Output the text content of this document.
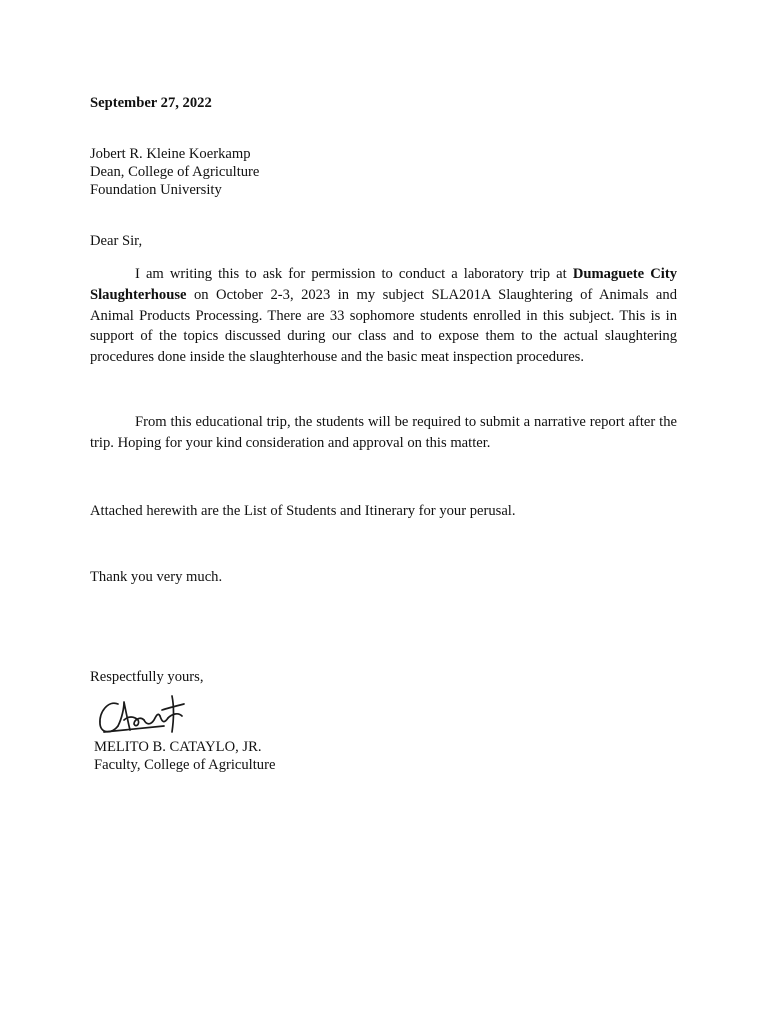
September 27, 2022
Jobert R. Kleine Koerkamp
Dean, College of Agriculture
Foundation University
Dear Sir,
I am writing this to ask for permission to conduct a laboratory trip at Dumaguete City Slaughterhouse on October 2-3, 2023 in my subject SLA201A Slaughtering of Animals and Animal Products Processing. There are 33 sophomore students enrolled in this subject. This is in support of the topics discussed during our class and to expose them to the actual slaughtering procedures done inside the slaughterhouse and the basic meat inspection procedures.
From this educational trip, the students will be required to submit a narrative report after the trip. Hoping for your kind consideration and approval on this matter.
Attached herewith are the List of Students and Itinerary for your perusal.
Thank you very much.
Respectfully yours,
MELITO B. CATAYLO, JR.
Faculty, College of Agriculture
